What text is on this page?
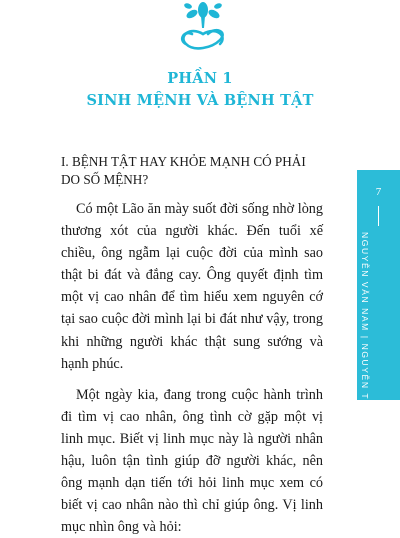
PHẦN 1
SINH MỆNH VÀ BỆNH TẬT
I. BỆNH TẬT HAY KHỎE MẠNH CÓ PHẢI DO SỐ MỆNH?

Có một Lão ăn mày suốt đời sống nhờ lòng thương xót của người khác. Đến tuổi xế chiều, ông ngẫm lại cuộc đời của mình sao thật bi đát và đắng cay. Ông quyết định tìm một vị cao nhân để tìm hiểu xem nguyên cớ tại sao cuộc đời mình lại bi đát như vậy, trong khi những người khác thật sung sướng và hạnh phúc.

Một ngày kia, đang trong cuộc hành trình đi tìm vị cao nhân, ông tình cờ gặp một vị linh mục. Biết vị linh mục này là người nhân hậu, luôn tận tình giúp đỡ người khác, nên ông mạnh dạn tiến tới hỏi linh mục xem có biết vị cao nhân nào thì chỉ giúp ông. Vị linh mục nhìn ông và hỏi:

7
NGUYỄN VĂN NAM | NGUYỄN TH
